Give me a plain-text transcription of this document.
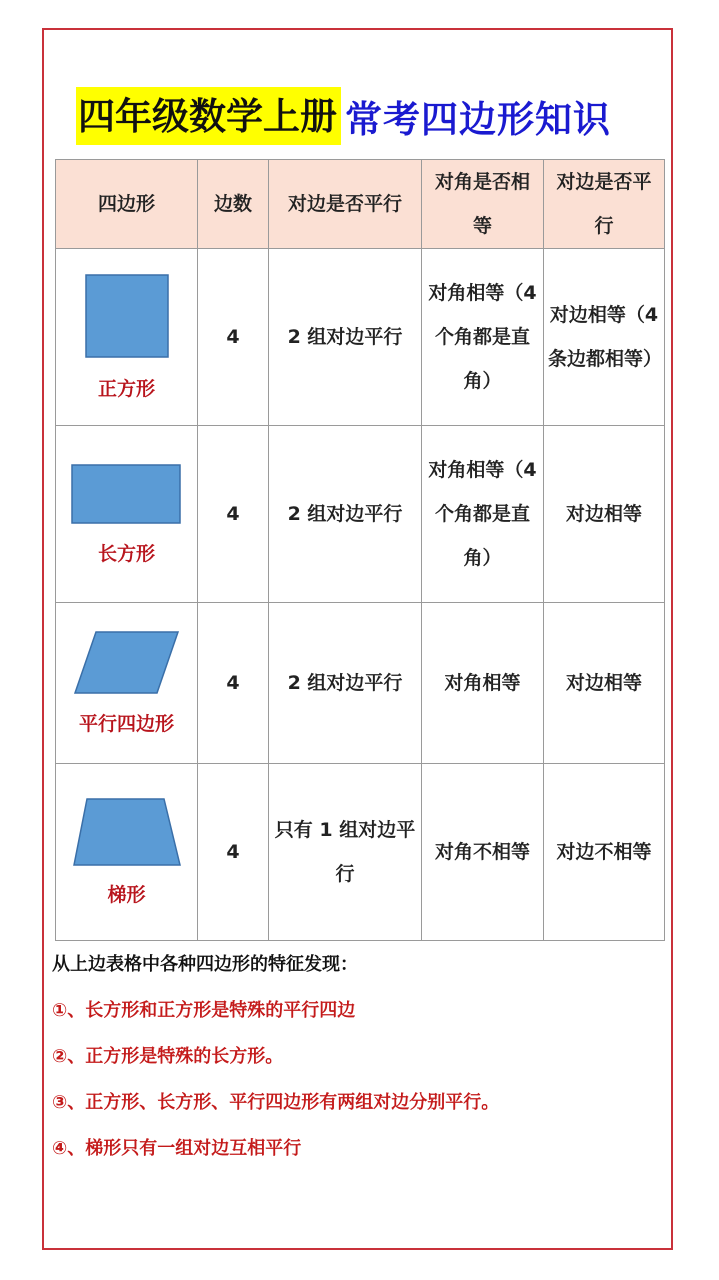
四年级数学上册 常考四边形知识
四边形	边数	对边是否平行	对角是否相等	对边是否平行

正方形	4	2 组对边平行	对角相等（4 个角都是直角）	对边相等（4 条边都相等）

长方形	4	2 组对边平行	对角相等（4 个角都是直角）	对边相等

平行四边形	4	2 组对边平行	对角相等	对边相等

梯形	4	只有 1 组对边平行	对角不相等	对边不相等

从上边表格中各种四边形的特征发现：

①、长方形和正方形是特殊的平行四边

②、正方形是特殊的长方形。

③、正方形、长方形、平行四边形有两组对边分别平行。

④、梯形只有一组对边互相平行
